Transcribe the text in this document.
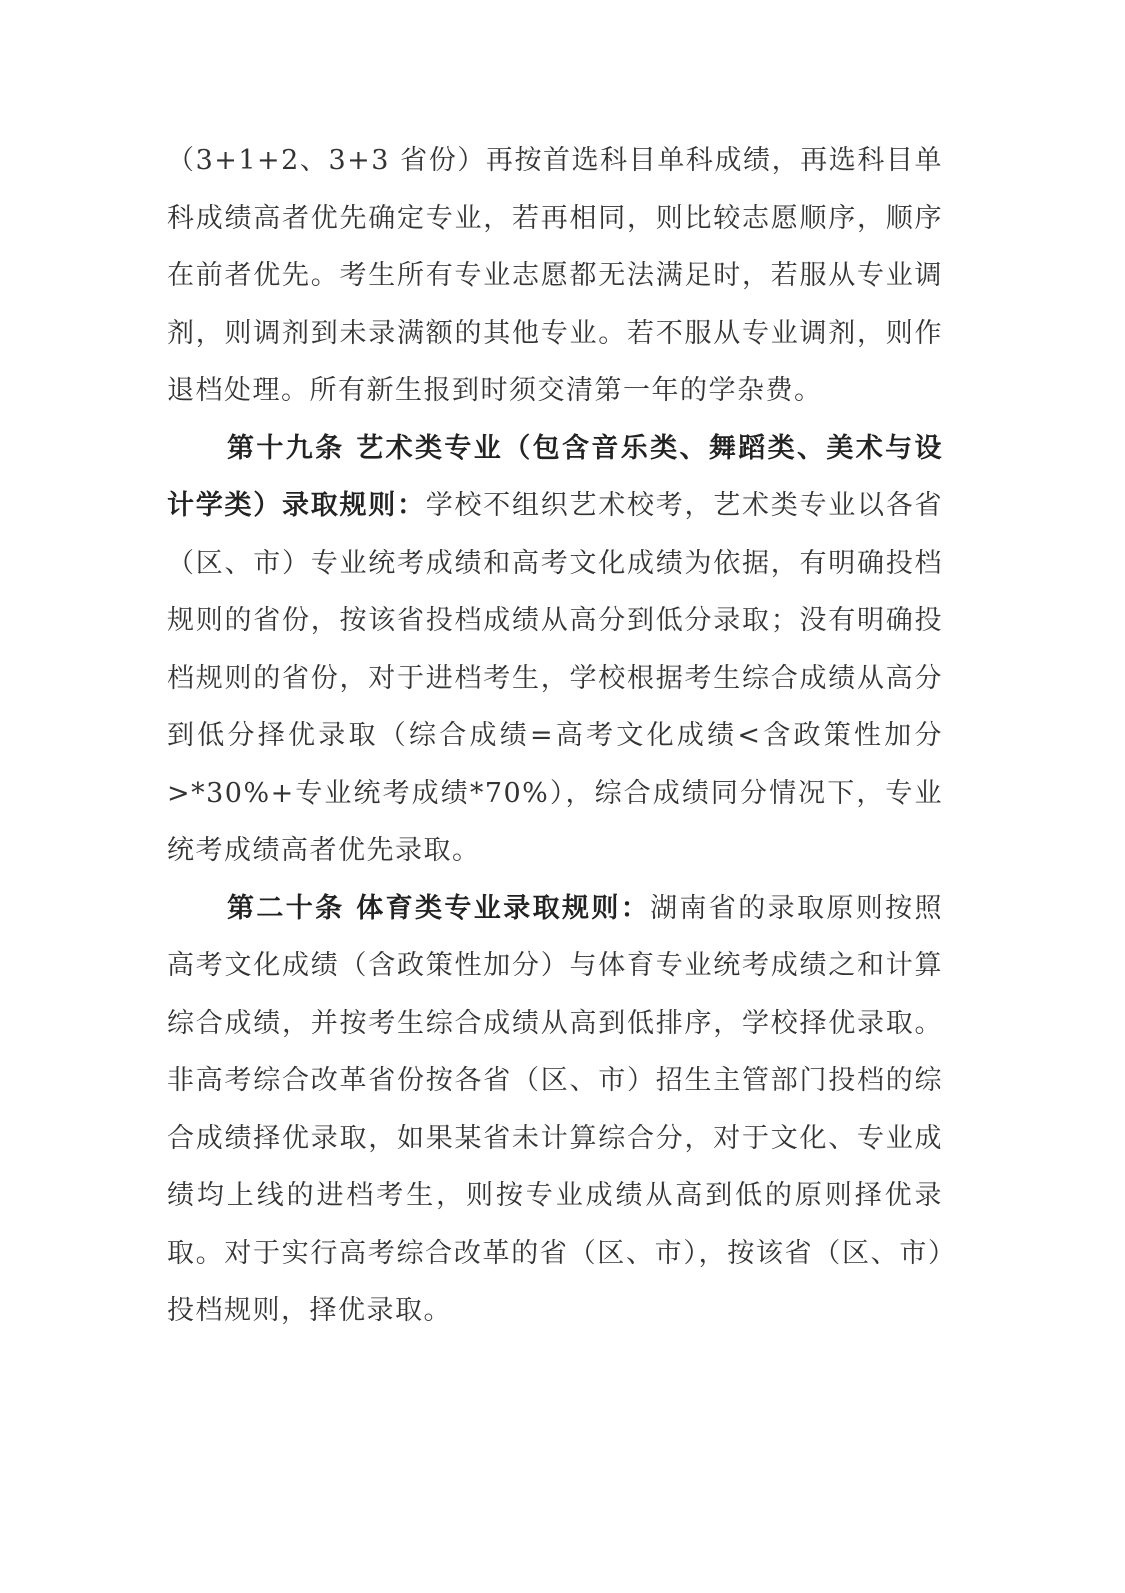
（3+1+2、3+3 省份）再按首选科目单科成绩，再选科目单科成绩高者优先确定专业，若再相同，则比较志愿顺序，顺序在前者优先。考生所有专业志愿都无法满足时，若服从专业调剂，则调剂到未录满额的其他专业。若不服从专业调剂，则作退档处理。所有新生报到时须交清第一年的学杂费。

第十九条 艺术类专业（包含音乐类、舞蹈类、美术与设计学类）录取规则：学校不组织艺术校考，艺术类专业以各省（区、市）专业统考成绩和高考文化成绩为依据，有明确投档规则的省份，按该省投档成绩从高分到低分录取；没有明确投档规则的省份，对于进档考生，学校根据考生综合成绩从高分到低分择优录取（综合成绩=高考文化成绩<含政策性加分>*30%+专业统考成绩*70%），综合成绩同分情况下，专业统考成绩高者优先录取。

第二十条 体育类专业录取规则：湖南省的录取原则按照高考文化成绩（含政策性加分）与体育专业统考成绩之和计算综合成绩，并按考生综合成绩从高到低排序，学校择优录取。非高考综合改革省份按各省（区、市）招生主管部门投档的综合成绩择优录取，如果某省未计算综合分，对于文化、专业成绩均上线的进档考生，则按专业成绩从高到低的原则择优录取。对于实行高考综合改革的省（区、市），按该省（区、市）投档规则，择优录取。
